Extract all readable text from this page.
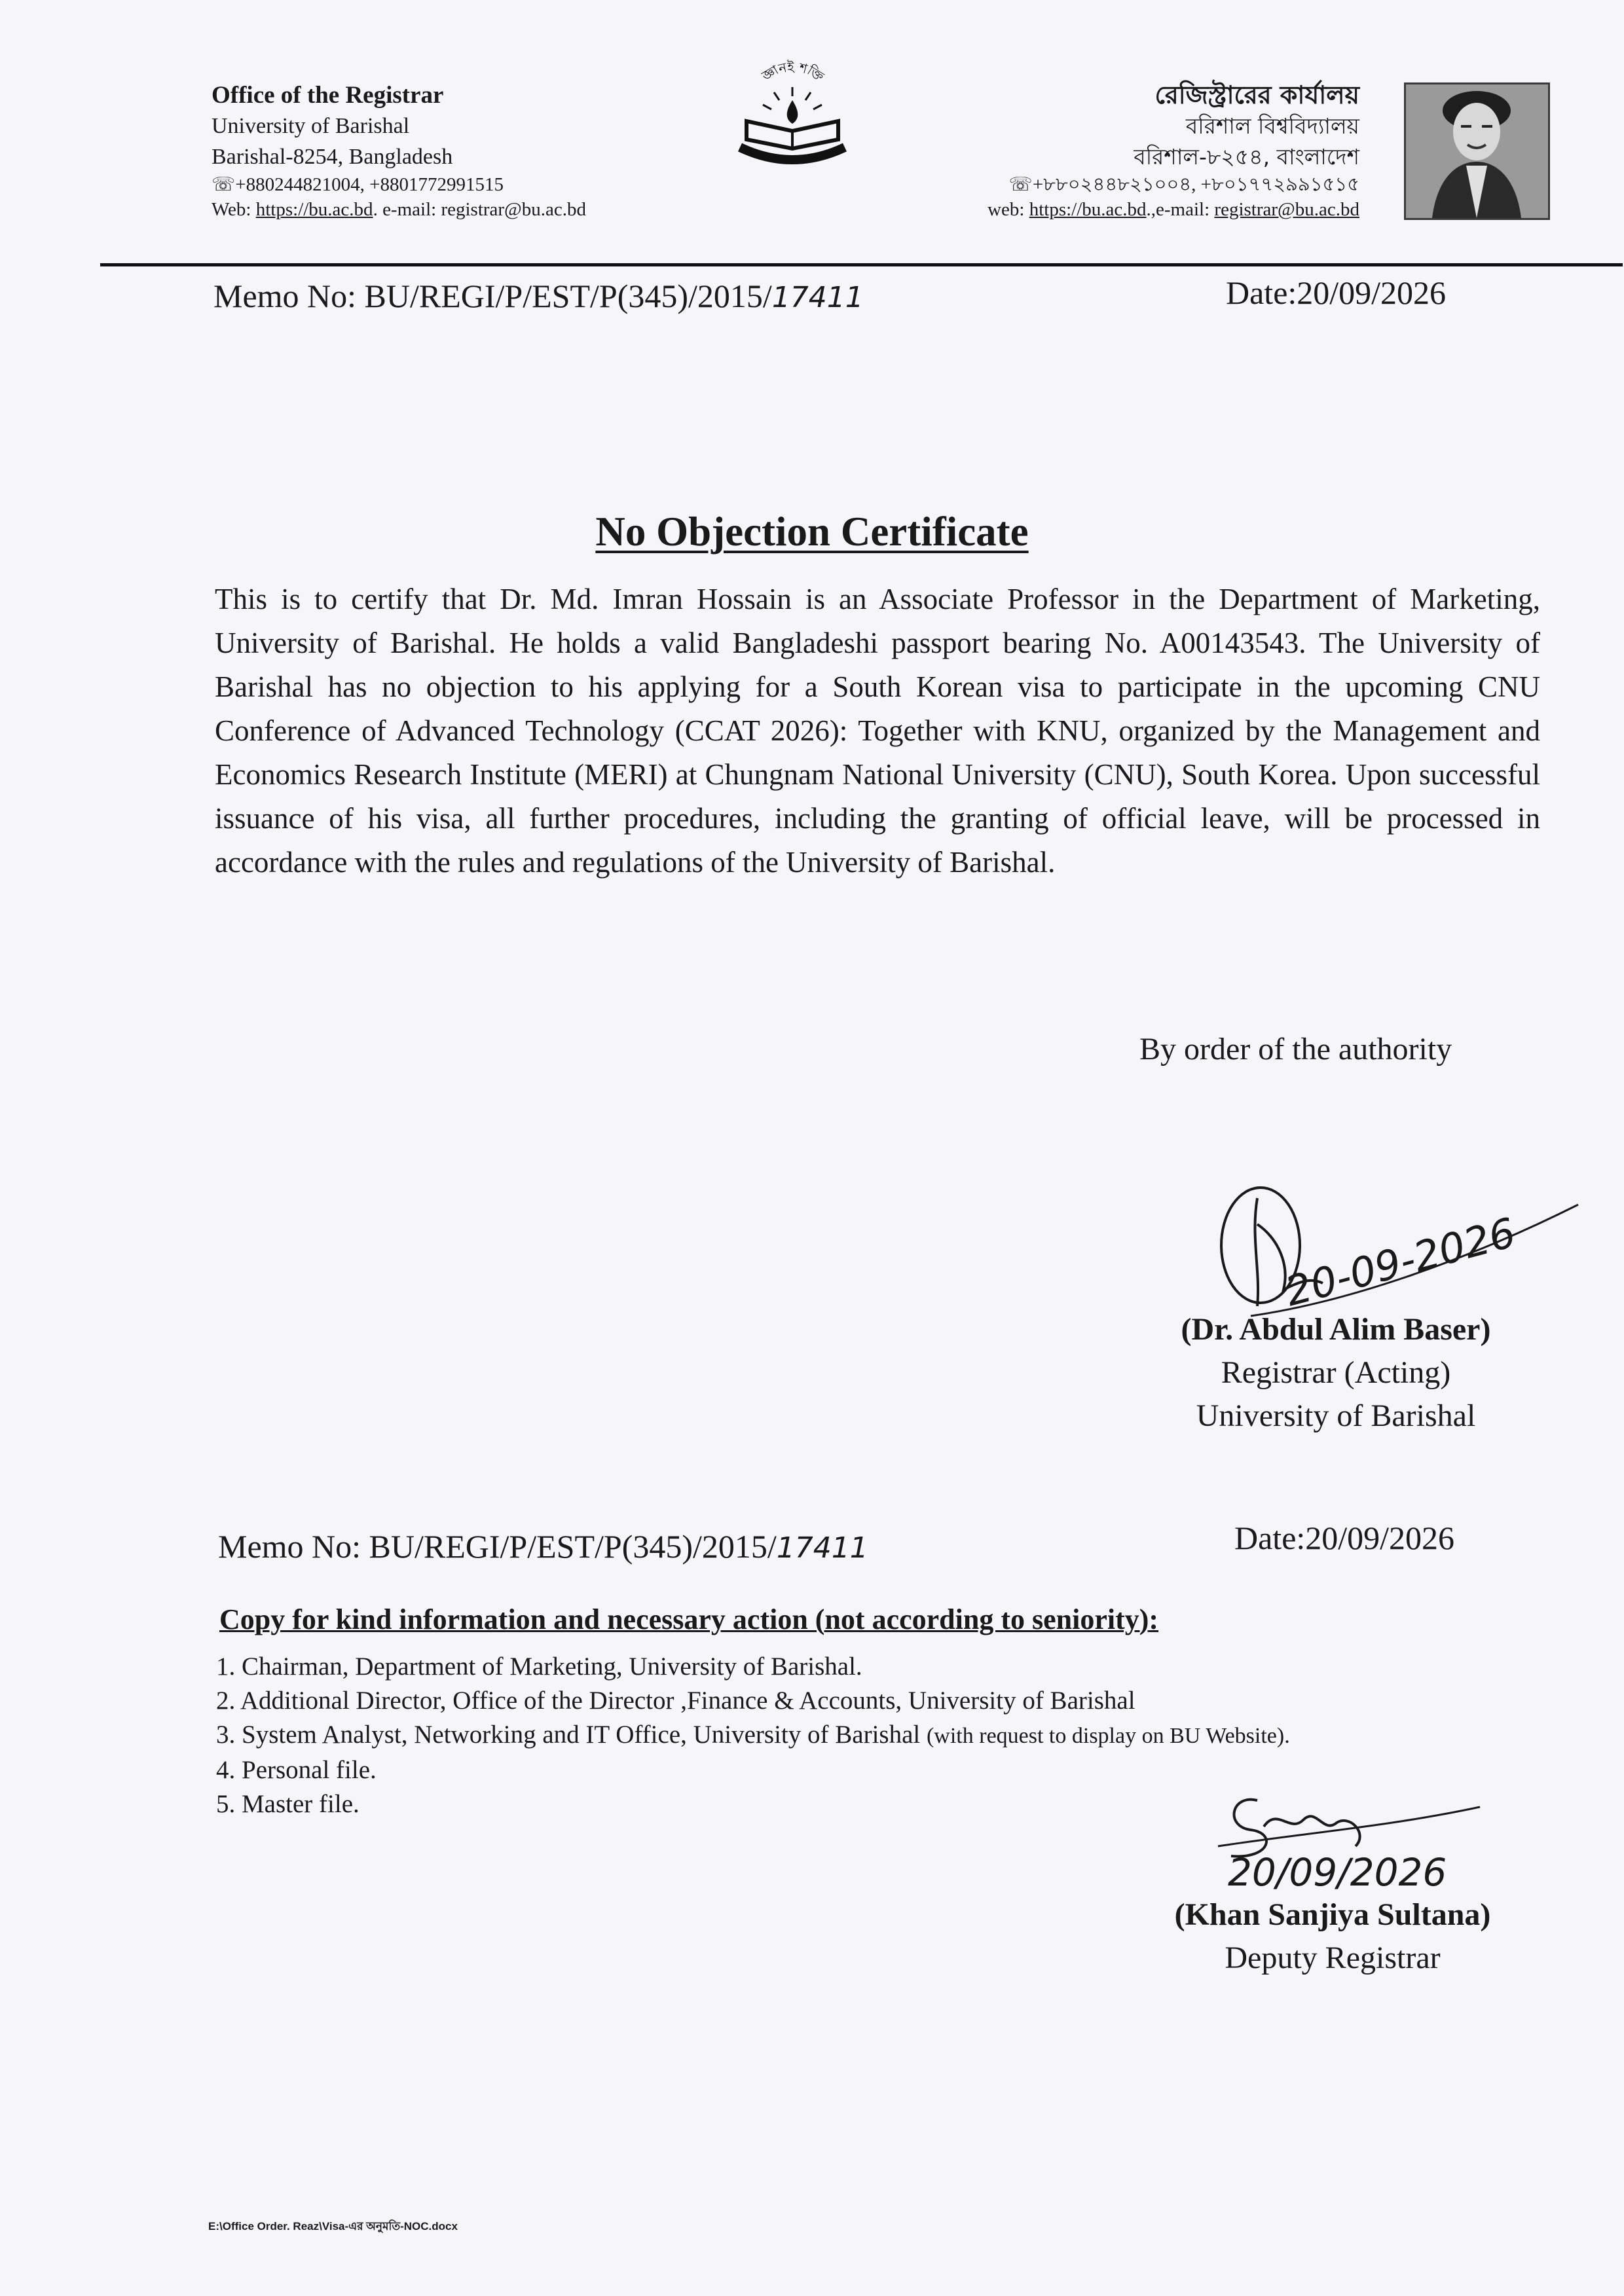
Office of the Registrar
University of Barishal
Barishal-8254, Bangladesh
☏+880244821004, +8801772991515
Web: https://bu.ac.bd. e-mail: registrar@bu.ac.bd
জ্ঞানই শক্তি
রেজিস্ট্রারের কার্যালয়
বরিশাল বিশ্ববিদ্যালয়
বরিশাল-৮২৫৪, বাংলাদেশ
☏+৮৮০২৪৪৮২১০০৪, +৮০১৭৭২৯৯১৫১৫
web: https://bu.ac.bd.,e-mail: registrar@bu.ac.bd
Memo No: BU/REGI/P/EST/P(345)/2015/17411	Date:20/09/2026
No Objection Certificate
This is to certify that Dr. Md. Imran Hossain is an Associate Professor in the Department of Marketing, University of Barishal. He holds a valid Bangladeshi passport bearing No. A00143543. The University of Barishal has no objection to his applying for a South Korean visa to participate in the upcoming CNU Conference of Advanced Technology (CCAT 2026): Together with KNU, organized by the Management and Economics Research Institute (MERI) at Chungnam National University (CNU), South Korea. Upon successful issuance of his visa, all further procedures, including the granting of official leave, will be processed in accordance with the rules and regulations of the University of Barishal.
By order of the authority
20-09-2026
(Dr. Abdul Alim Baser)
Registrar (Acting)
University of Barishal
Memo No: BU/REGI/P/EST/P(345)/2015/17411	Date:20/09/2026
Copy for kind information and necessary action (not according to seniority):
1. Chairman, Department of Marketing, University of Barishal.
2. Additional Director, Office of the Director ,Finance & Accounts, University of Barishal
3. System Analyst, Networking and IT Office, University of Barishal (with request to display on BU Website).
4. Personal file.
5. Master file.
20/09/2026
(Khan Sanjiya Sultana)
Deputy Registrar
E:\Office Order. Reaz\Visa-এর অনুমতি-NOC.docx
